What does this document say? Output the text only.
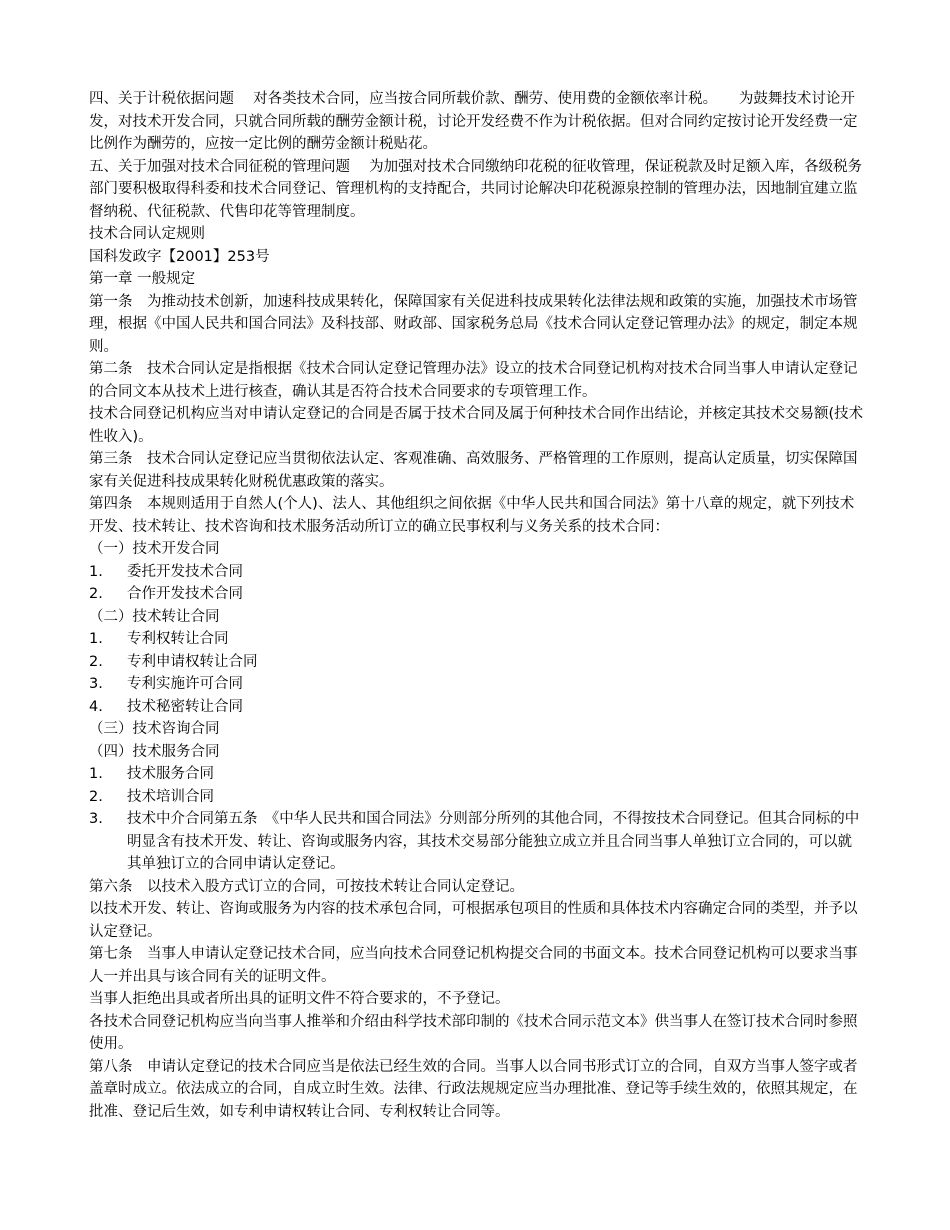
四、关于计税依据问题　 对各类技术合同，应当按合同所载价款、酬劳、使用费的金额依率计税。　　为鼓舞技术讨论开发，对技术开发合同，只就合同所载的酬劳金额计税，讨论开发经费不作为计税依据。但对合同约定按讨论开发经费一定比例作为酬劳的，应按一定比例的酬劳金额计税贴花。

五、关于加强对技术合同征税的管理问题　 为加强对技术合同缴纳印花税的征收管理，保证税款及时足额入库，各级税务部门要积极取得科委和技术合同登记、管理机构的支持配合，共同讨论解决印花税源泉控制的管理办法，因地制宜建立监督纳税、代征税款、代售印花等管理制度。

技术合同认定规则

国科发政字【2001】253号

第一章 一般规定

第一条　为推动技术创新，加速科技成果转化，保障国家有关促进科技成果转化法律法规和政策的实施，加强技术市场管理，根据《中国人民共和国合同法》及科技部、财政部、国家税务总局《技术合同认定登记管理办法》的规定，制定本规则。

第二条　技术合同认定是指根据《技术合同认定登记管理办法》设立的技术合同登记机构对技术合同当事人申请认定登记的合同文本从技术上进行核查，确认其是否符合技术合同要求的专项管理工作。

技术合同登记机构应当对申请认定登记的合同是否属于技术合同及属于何种技术合同作出结论，并核定其技术交易额(技术性收入)。

第三条　技术合同认定登记应当贯彻依法认定、客观准确、高效服务、严格管理的工作原则，提高认定质量，切实保障国家有关促进科技成果转化财税优惠政策的落实。

第四条　本规则适用于自然人(个人)、法人、其他组织之间依据《中华人民共和国合同法》第十八章的规定，就下列技术开发、技术转让、技术咨询和技术服务活动所订立的确立民事权利与义务关系的技术合同：

（一）技术开发合同

1.	委托开发技术合同
2.	合作开发技术合同

（二）技术转让合同

1.	专利权转让合同
2.	专利申请权转让合同
3.	专利实施许可合同
4.	技术秘密转让合同

（三）技术咨询合同

（四）技术服务合同

1.	技术服务合同
2.	技术培训合同
3.	技术中介合同第五条　《中华人民共和国合同法》分则部分所列的其他合同，不得按技术合同登记。但其合同标的中明显含有技术开发、转让、咨询或服务内容，其技术交易部分能独立成立并且合同当事人单独订立合同的，可以就其单独订立的合同申请认定登记。

第六条　以技术入股方式订立的合同，可按技术转让合同认定登记。

以技术开发、转让、咨询或服务为内容的技术承包合同，可根据承包项目的性质和具体技术内容确定合同的类型，并予以认定登记。

第七条　当事人申请认定登记技术合同，应当向技术合同登记机构提交合同的书面文本。技术合同登记机构可以要求当事人一并出具与该合同有关的证明文件。

当事人拒绝出具或者所出具的证明文件不符合要求的，不予登记。

各技术合同登记机构应当向当事人推举和介绍由科学技术部印制的《技术合同示范文本》供当事人在签订技术合同时参照使用。

第八条　申请认定登记的技术合同应当是依法已经生效的合同。当事人以合同书形式订立的合同，自双方当事人签字或者盖章时成立。依法成立的合同，自成立时生效。法律、行政法规规定应当办理批准、登记等手续生效的，依照其规定，在批准、登记后生效，如专利申请权转让合同、专利权转让合同等。
